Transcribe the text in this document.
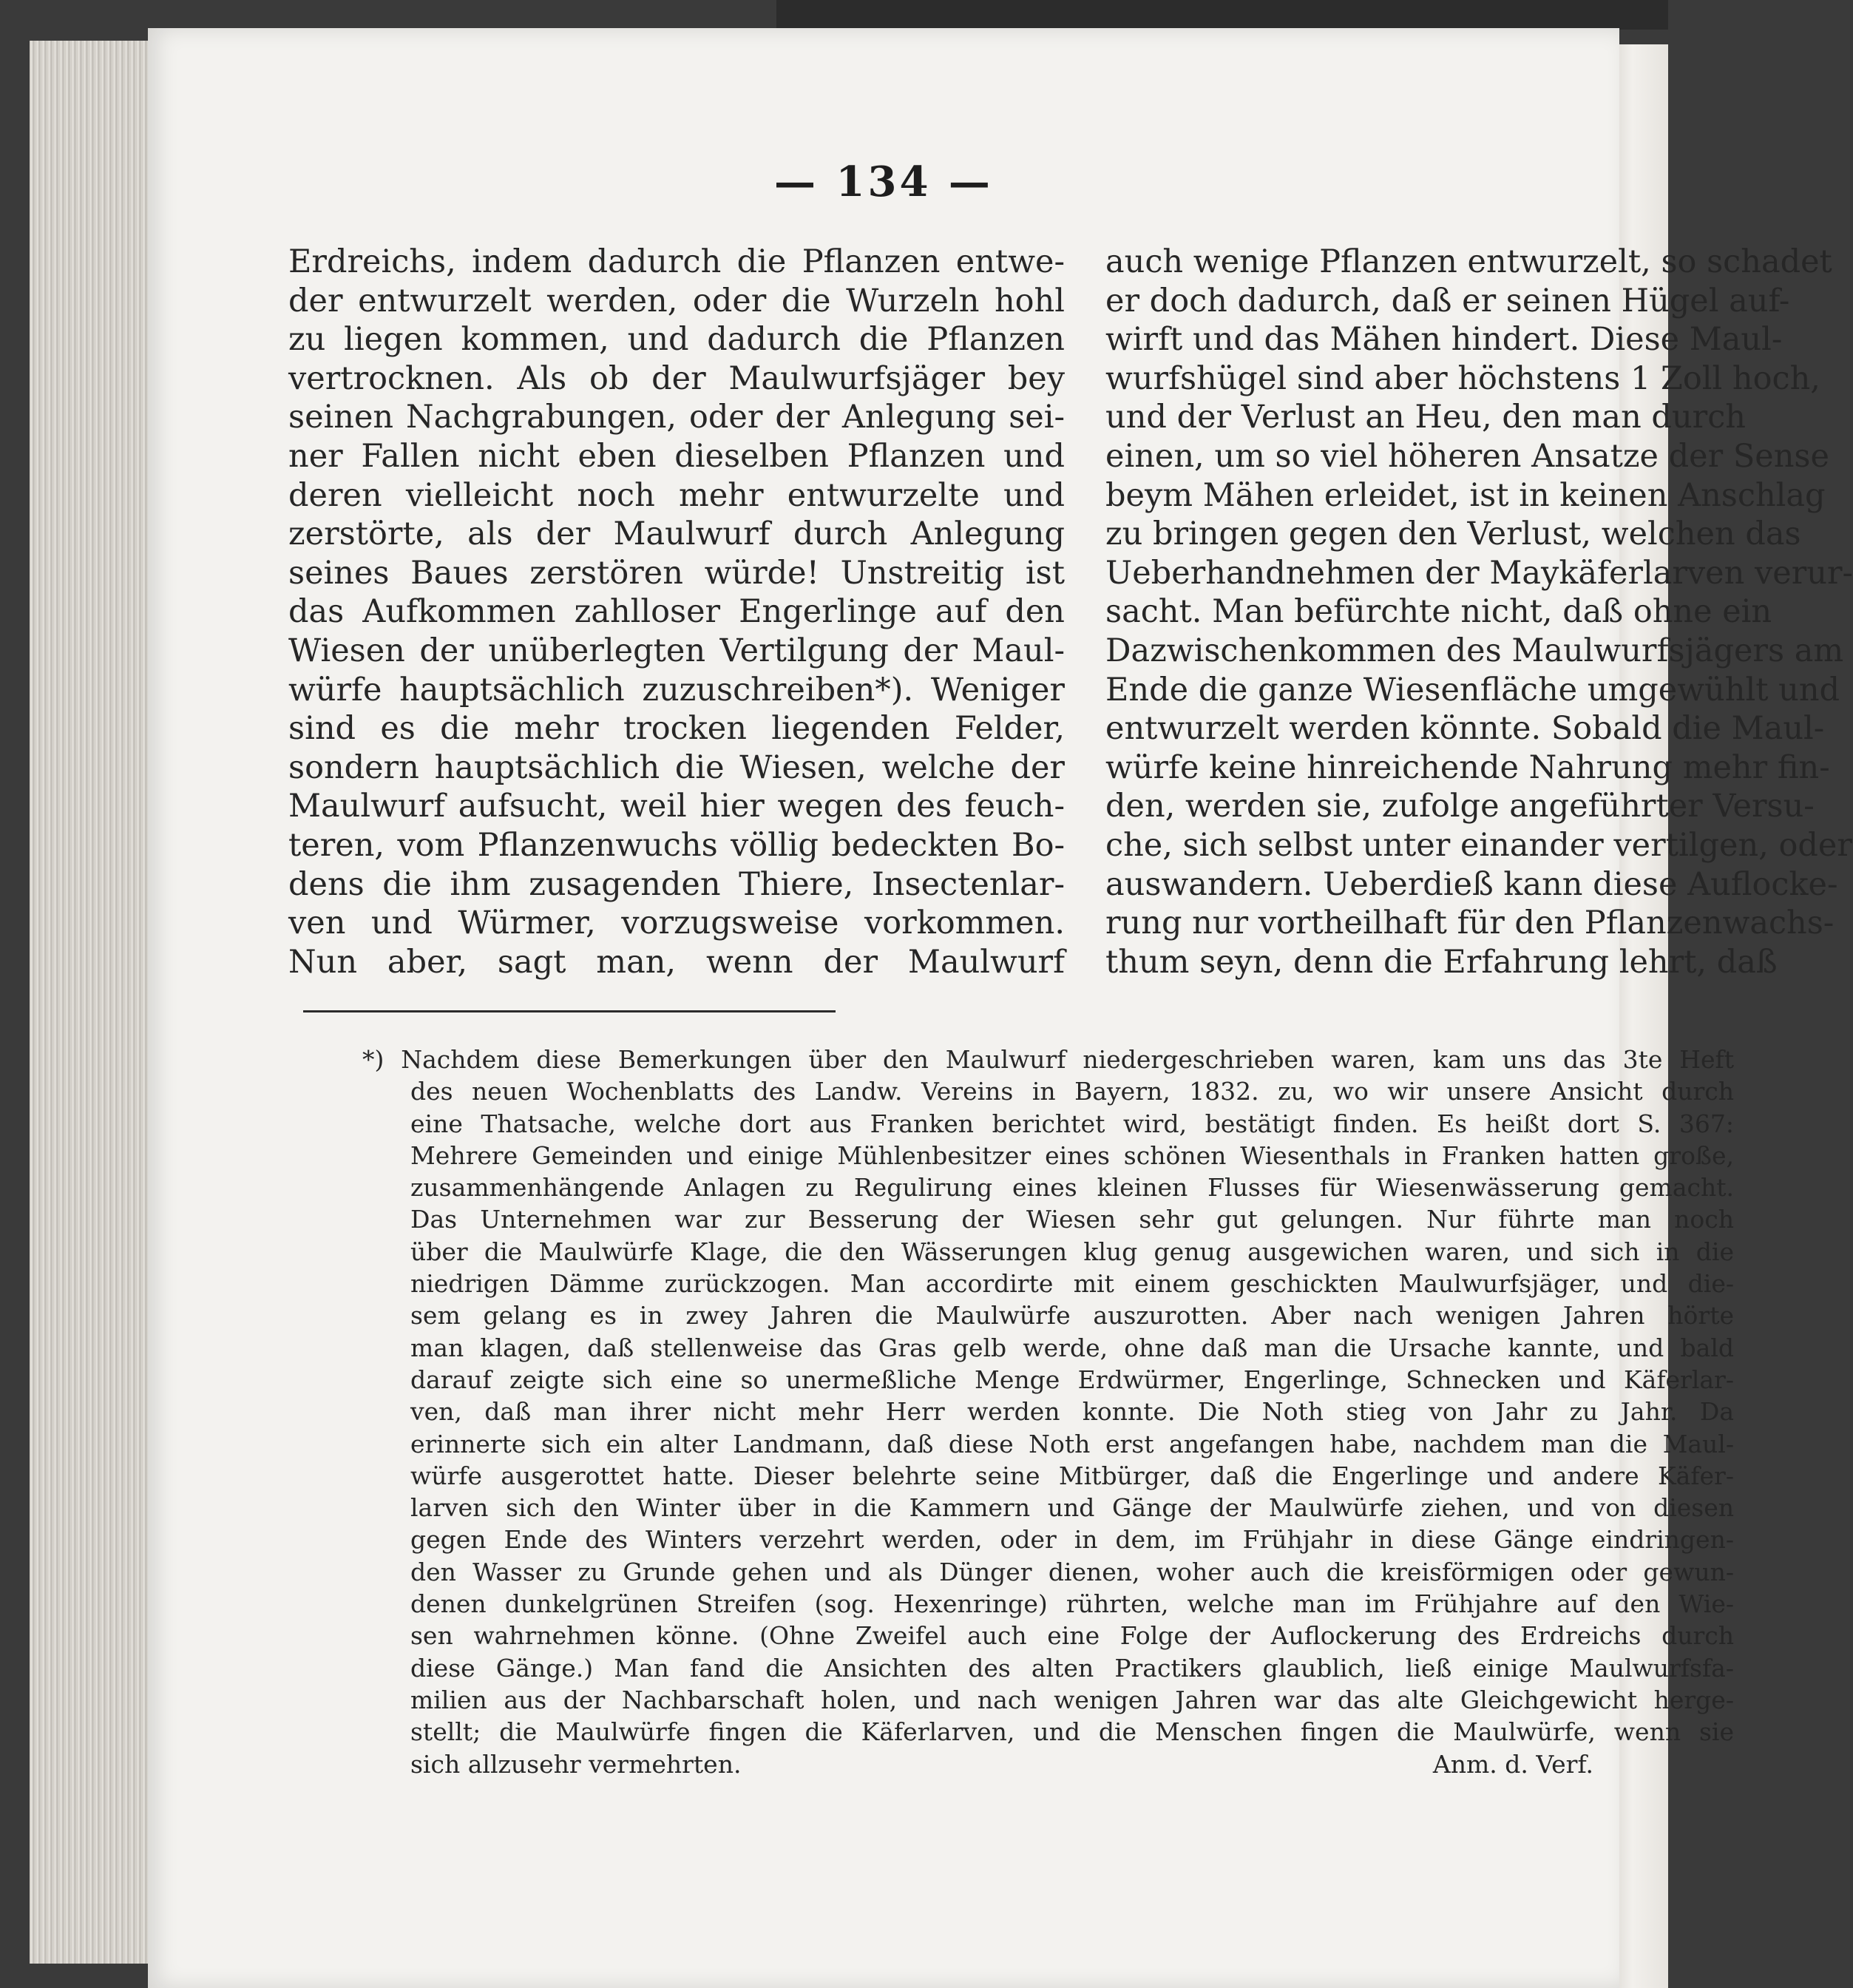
— 134 —
Erdreichs, indem dadurch die Pflanzen entwe-
der entwurzelt werden, oder die Wurzeln hohl
zu liegen kommen, und dadurch die Pflanzen
vertrocknen. Als ob der Maulwurfsjäger bey
seinen Nachgrabungen, oder der Anlegung sei-
ner Fallen nicht eben dieselben Pflanzen und
deren vielleicht noch mehr entwurzelte und
zerstörte, als der Maulwurf durch Anlegung
seines Baues zerstören würde! Unstreitig ist
das Aufkommen zahlloser Engerlinge auf den
Wiesen der unüberlegten Vertilgung der Maul-
würfe hauptsächlich zuzuschreiben*). Weniger
sind es die mehr trocken liegenden Felder,
sondern hauptsächlich die Wiesen, welche der
Maulwurf aufsucht, weil hier wegen des feuch-
teren, vom Pflanzenwuchs völlig bedeckten Bo-
dens die ihm zusagenden Thiere, Insectenlar-
ven und Würmer, vorzugsweise vorkommen.
Nun aber, sagt man, wenn der Maulwurf
auch wenige Pflanzen entwurzelt, so schadet
er doch dadurch, daß er seinen Hügel auf-
wirft und das Mähen hindert. Diese Maul-
wurfshügel sind aber höchstens 1 Zoll hoch,
und der Verlust an Heu, den man durch
einen, um so viel höheren Ansatze der Sense
beym Mähen erleidet, ist in keinen Anschlag
zu bringen gegen den Verlust, welchen das
Ueberhandnehmen der Maykäferlarven verur-
sacht. Man befürchte nicht, daß ohne ein
Dazwischenkommen des Maulwurfsjägers am
Ende die ganze Wiesenfläche umgewühlt und
entwurzelt werden könnte. Sobald die Maul-
würfe keine hinreichende Nahrung mehr fin-
den, werden sie, zufolge angeführter Versu-
che, sich selbst unter einander vertilgen, oder
auswandern. Ueberdieß kann diese Auflocke-
rung nur vortheilhaft für den Pflanzenwachs-
thum seyn, denn die Erfahrung lehrt, daß
*) Nachdem diese Bemerkungen über den Maulwurf niedergeschrieben waren, kam uns das 3te Heft
des neuen Wochenblatts des Landw. Vereins in Bayern, 1832. zu, wo wir unsere Ansicht durch
eine Thatsache, welche dort aus Franken berichtet wird, bestätigt finden. Es heißt dort S. 367:
Mehrere Gemeinden und einige Mühlenbesitzer eines schönen Wiesenthals in Franken hatten große,
zusammenhängende Anlagen zu Regulirung eines kleinen Flusses für Wiesenwässerung gemacht.
Das Unternehmen war zur Besserung der Wiesen sehr gut gelungen. Nur führte man noch
über die Maulwürfe Klage, die den Wässerungen klug genug ausgewichen waren, und sich in die
niedrigen Dämme zurückzogen. Man accordirte mit einem geschickten Maulwurfsjäger, und die-
sem gelang es in zwey Jahren die Maulwürfe auszurotten. Aber nach wenigen Jahren hörte
man klagen, daß stellenweise das Gras gelb werde, ohne daß man die Ursache kannte, und bald
darauf zeigte sich eine so unermeßliche Menge Erdwürmer, Engerlinge, Schnecken und Käferlar-
ven, daß man ihrer nicht mehr Herr werden konnte. Die Noth stieg von Jahr zu Jahr. Da
erinnerte sich ein alter Landmann, daß diese Noth erst angefangen habe, nachdem man die Maul-
würfe ausgerottet hatte. Dieser belehrte seine Mitbürger, daß die Engerlinge und andere Käfer-
larven sich den Winter über in die Kammern und Gänge der Maulwürfe ziehen, und von diesen
gegen Ende des Winters verzehrt werden, oder in dem, im Frühjahr in diese Gänge eindringen-
den Wasser zu Grunde gehen und als Dünger dienen, woher auch die kreisförmigen oder gewun-
denen dunkelgrünen Streifen (sog. Hexenringe) rührten, welche man im Frühjahre auf den Wie-
sen wahrnehmen könne. (Ohne Zweifel auch eine Folge der Auflockerung des Erdreichs durch
diese Gänge.) Man fand die Ansichten des alten Practikers glaublich, ließ einige Maulwurfsfa-
milien aus der Nachbarschaft holen, und nach wenigen Jahren war das alte Gleichgewicht herge-
stellt; die Maulwürfe fingen die Käferlarven, und die Menschen fingen die Maulwürfe, wenn sie
sich allzusehr vermehrten.	Anm. d. Verf.
